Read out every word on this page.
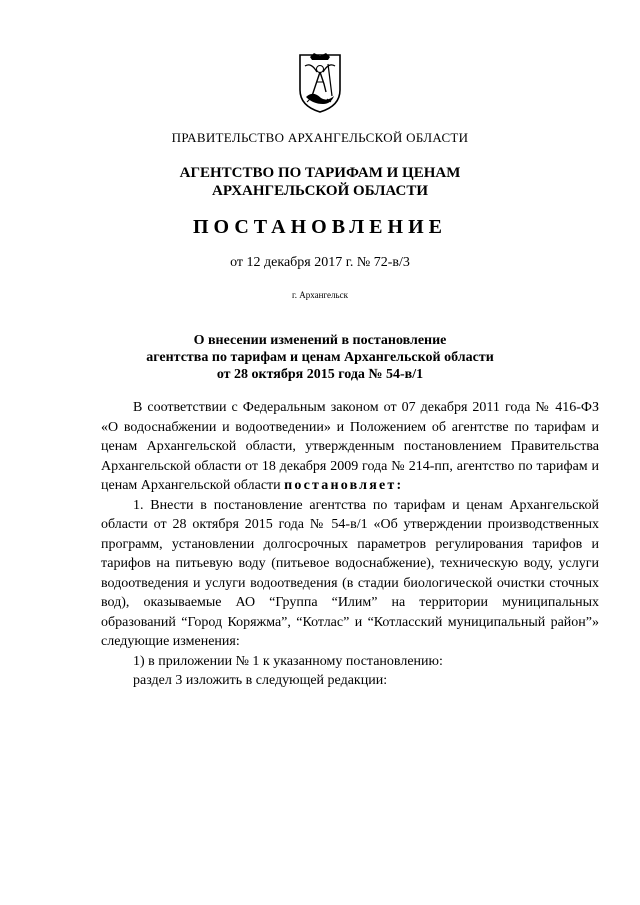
ПРАВИТЕЛЬСТВО АРХАНГЕЛЬСКОЙ ОБЛАСТИ
АГЕНТСТВО ПО ТАРИФАМ И ЦЕНАМ
АРХАНГЕЛЬСКОЙ ОБЛАСТИ
ПОСТАНОВЛЕНИЕ
от 12 декабря 2017 г. № 72-в/3
г. Архангельск
О внесении изменений в постановление
агентства по тарифам и ценам Архангельской области
от 28 октября 2015 года № 54-в/1

В соответствии с Федеральным законом от 07 декабря 2011 года № 416-ФЗ «О водоснабжении и водоотведении» и Положением об агентстве по тарифам и ценам Архангельской области, утвержденным постановлением Правительства Архангельской области от 18 декабря 2009 года № 214-пп, агентство по тарифам и ценам Архангельской области постановляет:

1. Внести в постановление агентства по тарифам и ценам Архангельской области от 28 октября 2015 года № 54-в/1 «Об утверждении производственных программ, установлении долгосрочных параметров регулирования тарифов и тарифов на питьевую воду (питьевое водоснабжение), техническую воду, услуги водоотведения и услуги водоотведения (в стадии биологической очистки сточных вод), оказываемые АО “Группа “Илим” на территории муниципальных образований “Город Коряжма”, “Котлас” и “Котласский муниципальный район”» следующие изменения:

1) в приложении № 1 к указанному постановлению:

раздел 3 изложить в следующей редакции:
